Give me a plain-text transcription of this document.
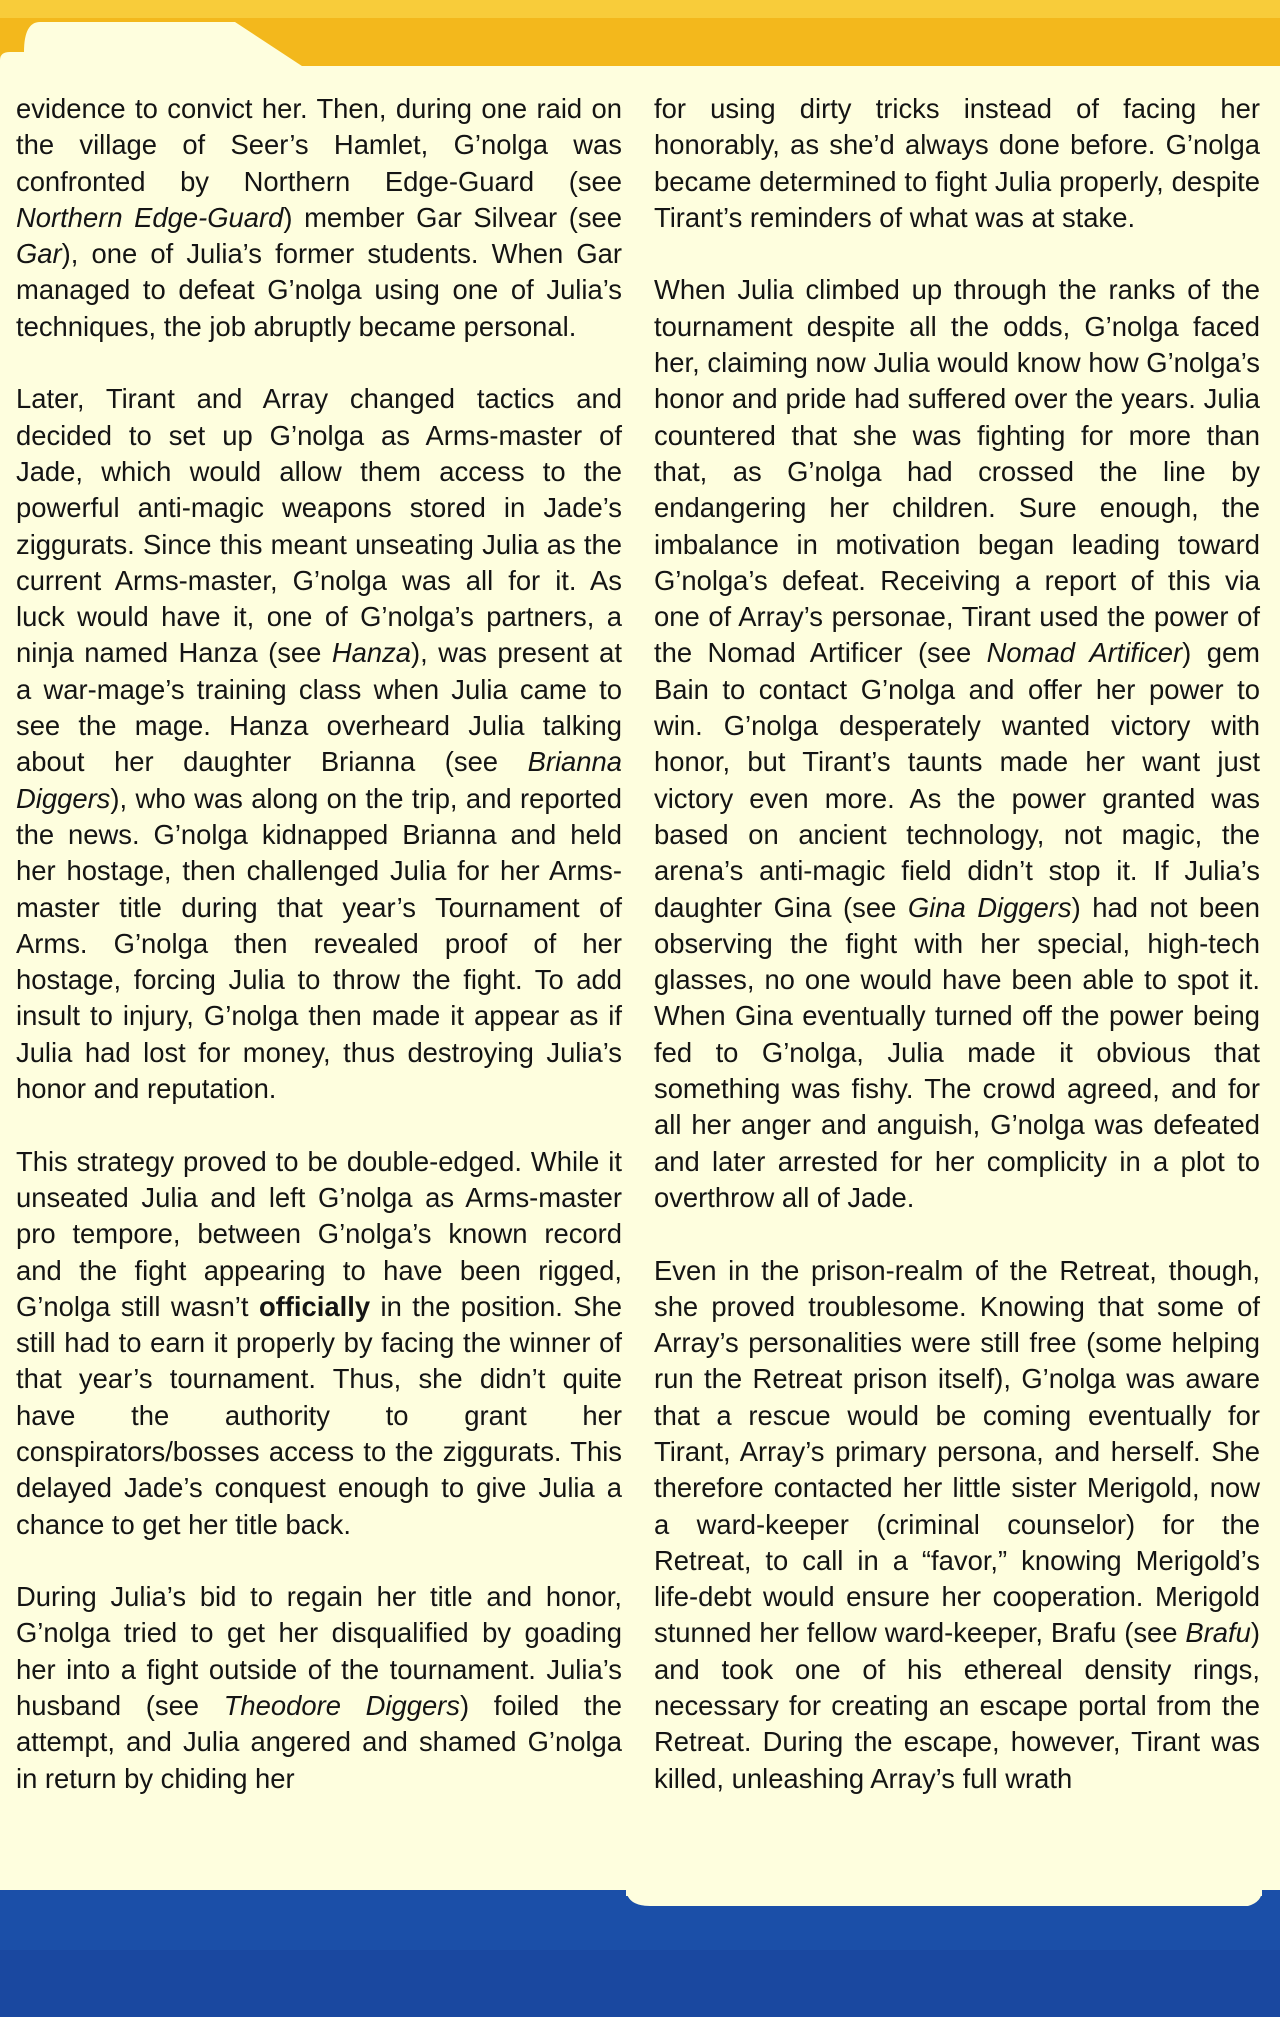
evidence to convict her. Then, during one raid on the village of Seer’s Hamlet, G’nolga was confronted by Northern Edge-Guard (see Northern Edge-Guard) member Gar Silvear (see Gar), one of Julia’s former students. When Gar managed to defeat G’nolga using one of Julia’s techniques, the job abruptly became personal.

Later, Tirant and Array changed tactics and decided to set up G’nolga as Arms-master of Jade, which would allow them access to the powerful anti-magic weapons stored in Jade’s ziggurats. Since this meant unseating Julia as the current Arms-master, G’nolga was all for it. As luck would have it, one of G’nolga’s partners, a ninja named Hanza (see Hanza), was present at a war-mage’s training class when Julia came to see the mage. Hanza overheard Julia talking about her daughter Brianna (see Brianna Diggers), who was along on the trip, and reported the news. G’nolga kidnapped Brianna and held her hostage, then challenged Julia for her Arms-master title during that year’s Tournament of Arms. G’nolga then revealed proof of her hostage, forcing Julia to throw the fight. To add insult to injury, G’nolga then made it appear as if Julia had lost for money, thus destroying Julia’s honor and reputation.

This strategy proved to be double-edged. While it unseated Julia and left G’nolga as Arms-master pro tempore, between G’nolga’s known record and the fight appearing to have been rigged, G’nolga still wasn’t officially in the position. She still had to earn it properly by facing the winner of that year’s tournament. Thus, she didn’t quite have the authority to grant her conspirators/bosses access to the ziggurats. This delayed Jade’s conquest enough to give Julia a chance to get her title back.

During Julia’s bid to regain her title and honor, G’nolga tried to get her disqualified by goading her into a fight outside of the tournament. Julia’s husband (see Theodore Diggers) foiled the attempt, and Julia angered and shamed G’nolga in return by chiding her

for using dirty tricks instead of facing her honorably, as she’d always done before. G’nolga became determined to fight Julia properly, despite Tirant’s reminders of what was at stake.

When Julia climbed up through the ranks of the tournament despite all the odds, G’nolga faced her, claiming now Julia would know how G’nolga’s honor and pride had suffered over the years. Julia countered that she was fighting for more than that, as G’nolga had crossed the line by endangering her children. Sure enough, the imbalance in motivation began leading toward G’nolga’s defeat. Receiving a report of this via one of Array’s personae, Tirant used the power of the Nomad Artificer (see Nomad Artificer) gem Bain to contact G’nolga and offer her power to win. G’nolga desperately wanted victory with honor, but Tirant’s taunts made her want just victory even more. As the power granted was based on ancient technology, not magic, the arena’s anti-magic field didn’t stop it. If Julia’s daughter Gina (see Gina Diggers) had not been observing the fight with her special, high-tech glasses, no one would have been able to spot it. When Gina eventually turned off the power being fed to G’nolga, Julia made it obvious that something was fishy. The crowd agreed, and for all her anger and anguish, G’nolga was defeated and later arrested for her complicity in a plot to overthrow all of Jade.

Even in the prison-realm of the Retreat, though, she proved troublesome. Knowing that some of Array’s personalities were still free (some helping run the Retreat prison itself), G’nolga was aware that a rescue would be coming eventually for Tirant, Array’s primary persona, and herself. She therefore contacted her little sister Merigold, now a ward-keeper (criminal counselor) for the Retreat, to call in a “favor,” knowing Merigold’s life-debt would ensure her cooperation. Merigold stunned her fellow ward-keeper, Brafu (see Brafu) and took one of his ethereal density rings, necessary for creating an escape portal from the Retreat. During the escape, however, Tirant was killed, unleashing Array’s full wrath
